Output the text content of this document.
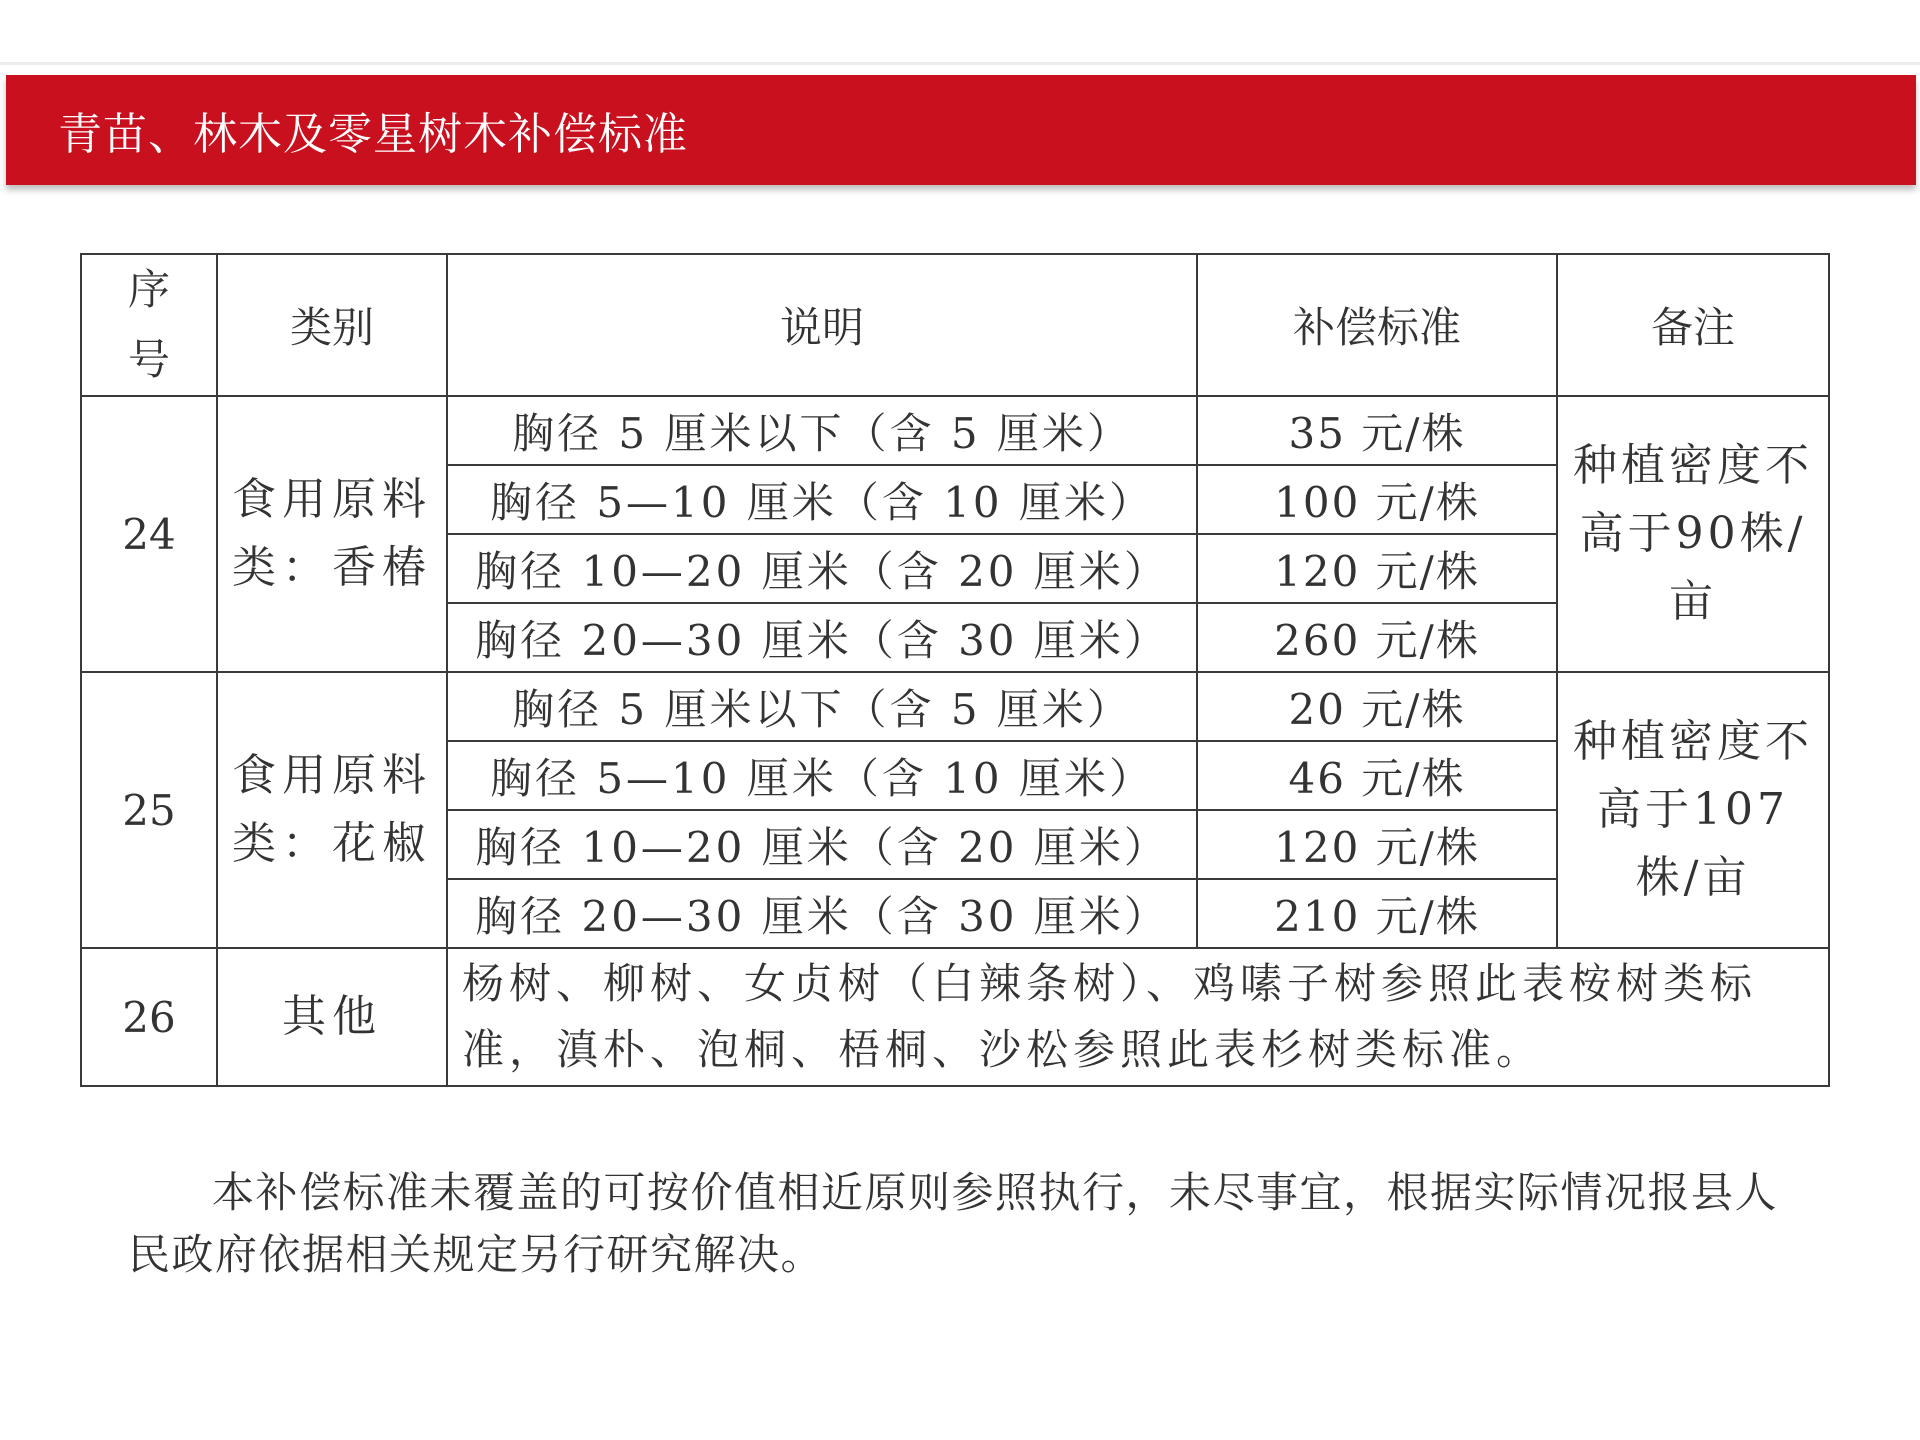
青苗、林木及零星树木补偿标准
序号	类别	说明	补偿标准	备注
24	食用原料类：香椿	胸径 5 厘米以下（含 5 厘米）	35 元/株	种植密度不高于90株/亩
		胸径 5—10 厘米（含 10 厘米）	100 元/株	
		胸径 10—20 厘米（含 20 厘米）	120 元/株	
		胸径 20—30 厘米（含 30 厘米）	260 元/株	
25	食用原料类：花椒	胸径 5 厘米以下（含 5 厘米）	20 元/株	种植密度不高于107株/亩
		胸径 5—10 厘米（含 10 厘米）	46 元/株	
		胸径 10—20 厘米（含 20 厘米）	120 元/株	
		胸径 20—30 厘米（含 30 厘米）	210 元/株	
26	其他	杨树、柳树、女贞树（白辣条树）、鸡嗉子树参照此表桉树类标准，滇朴、泡桐、梧桐、沙松参照此表杉树类标准。		

本补偿标准未覆盖的可按价值相近原则参照执行，未尽事宜，根据实际情况报县人民政府依据相关规定另行研究解决。
